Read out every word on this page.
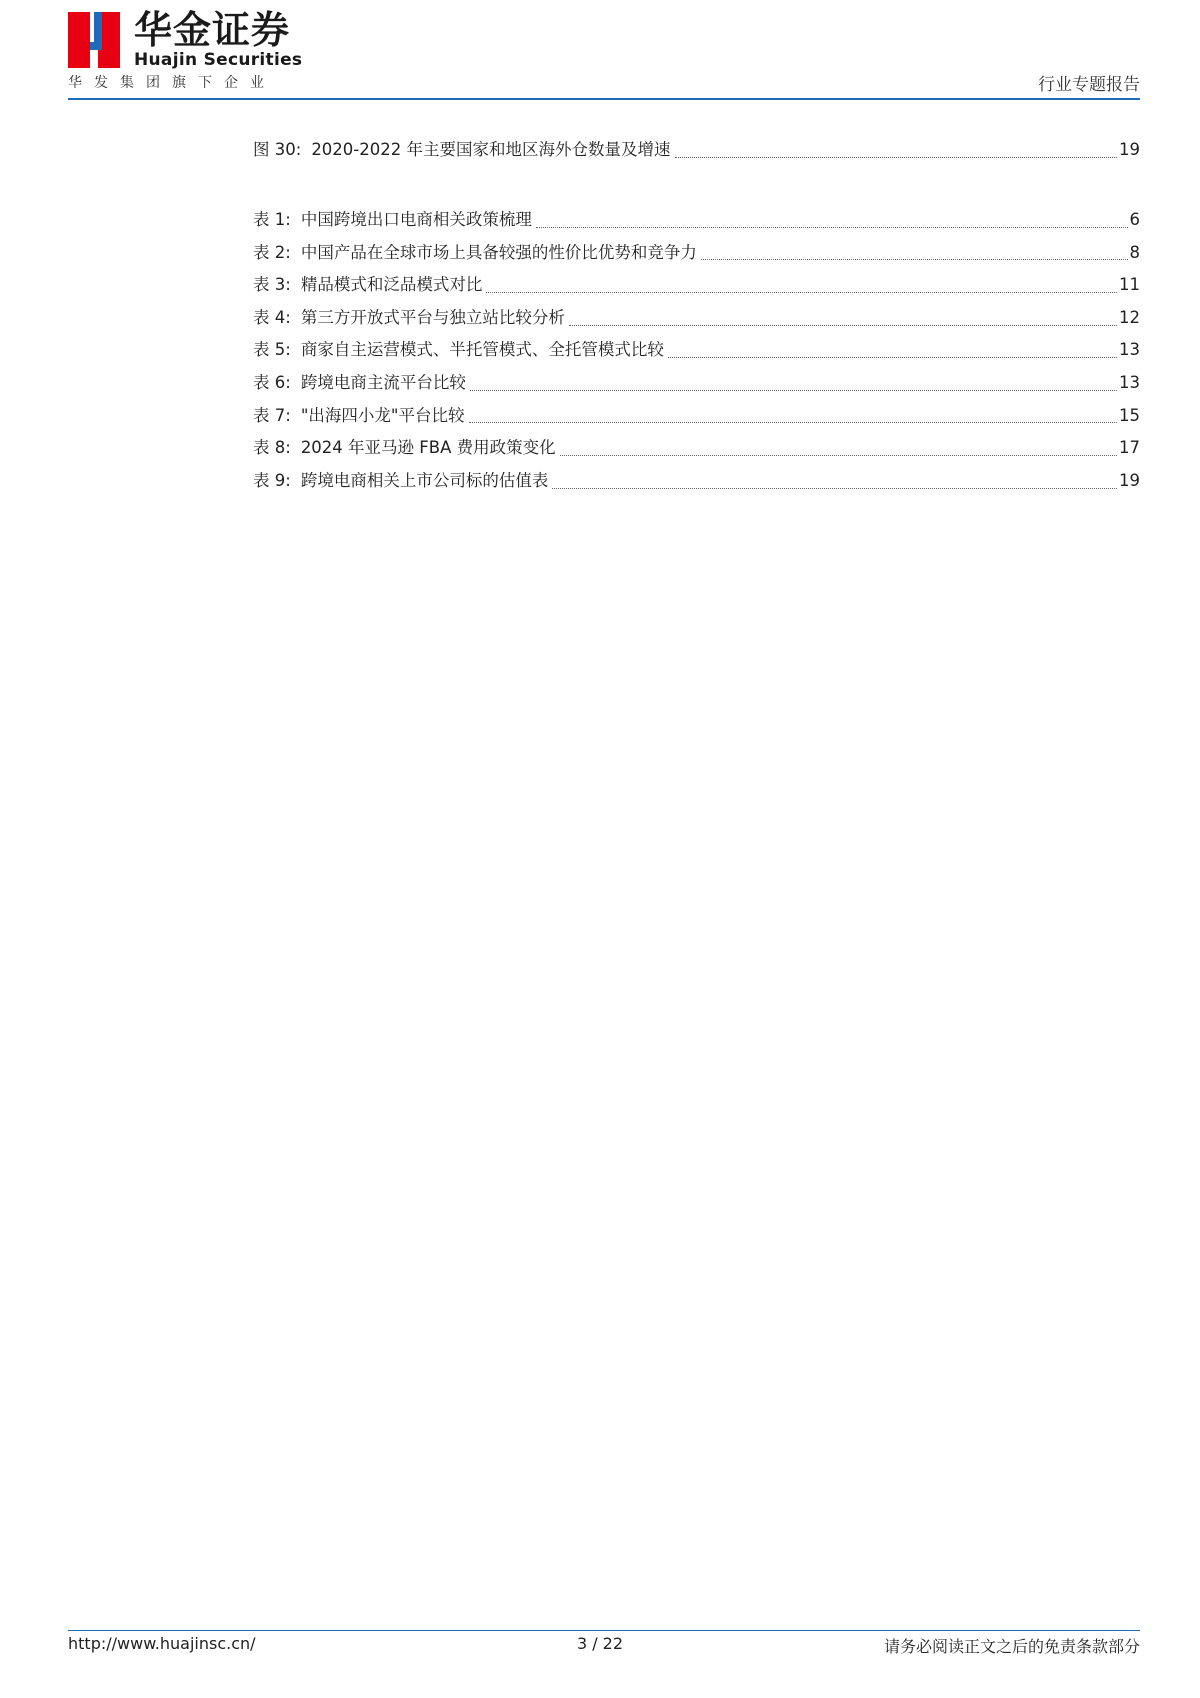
华金证券
Huajin Securities
华发集团旗下企业	行业专题报告
图 30: 2020-2022 年主要国家和地区海外仓数量及增速	19
表 1: 中国跨境出口电商相关政策梳理	6
表 2: 中国产品在全球市场上具备较强的性价比优势和竞争力	8
表 3: 精品模式和泛品模式对比	11
表 4: 第三方开放式平台与独立站比较分析	12
表 5: 商家自主运营模式、半托管模式、全托管模式比较	13
表 6: 跨境电商主流平台比较	13
表 7: "出海四小龙"平台比较	15
表 8: 2024 年亚马逊 FBA 费用政策变化	17
表 9: 跨境电商相关上市公司标的估值表	19
http://www.huajinsc.cn/	3 / 22	请务必阅读正文之后的免责条款部分
